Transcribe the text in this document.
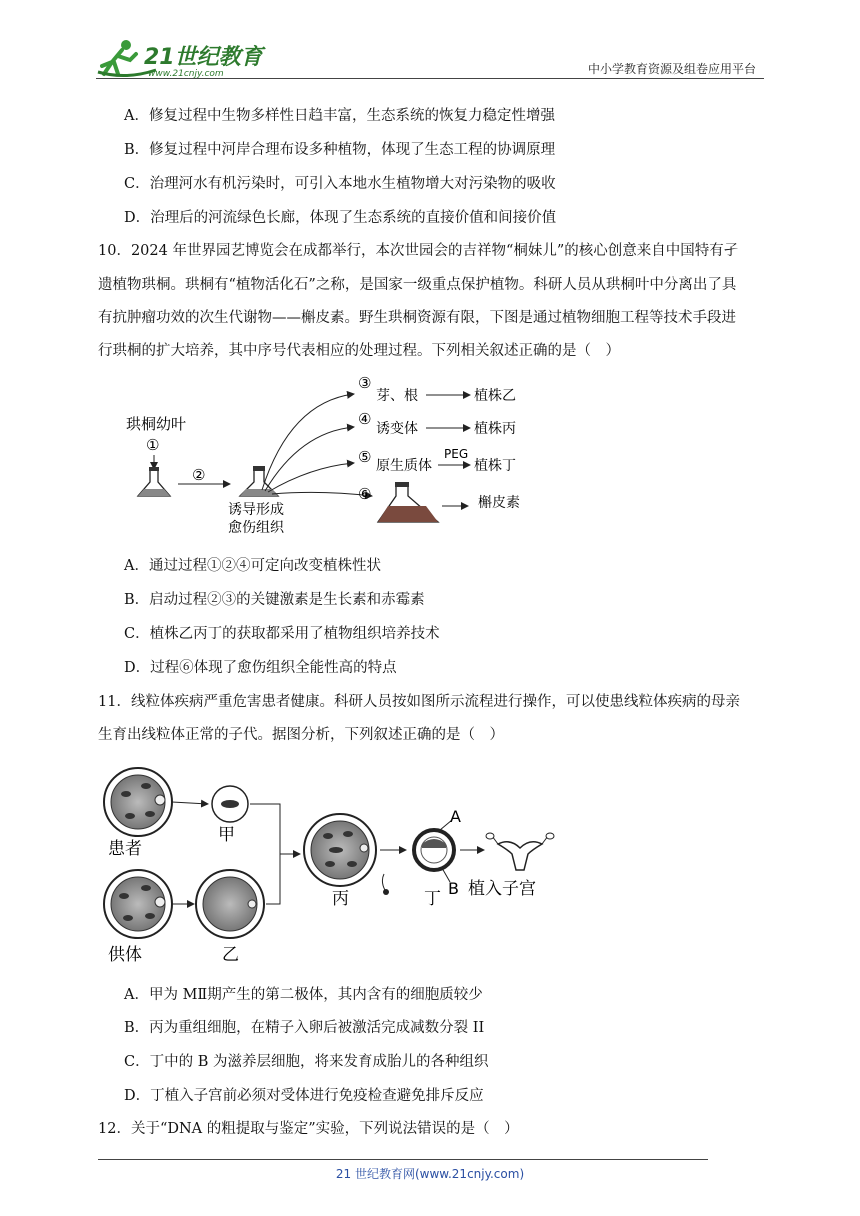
21世纪教育
www.21cnjy.com	中小学教育资源及组卷应用平台
A．修复过程中生物多样性日趋丰富，生态系统的恢复力稳定性增强
B．修复过程中河岸合理布设多种植物，体现了生态工程的协调原理
C．治理河水有机污染时，可引入本地水生植物增大对污染物的吸收
D．治理后的河流绿色长廊，体现了生态系统的直接价值和间接价值
10．2024 年世界园艺博览会在成都举行，本次世园会的吉祥物“桐妹儿”的核心创意来自中国特有孑
遗植物珙桐。珙桐有“植物活化石”之称，是国家一级重点保护植物。科研人员从珙桐叶中分离出了具
有抗肿瘤功效的次生代谢物——槲皮素。野生珙桐资源有限，下图是通过植物细胞工程等技术手段进
行珙桐的扩大培养，其中序号代表相应的处理过程。下列相关叙述正确的是（　）
珙桐幼叶
①
②
诱导形成
愈伤组织
③
芽、根	植株乙
④
诱变体	植株丙
⑤ 原生质体
PEG
植株丁
⑥	槲皮素
A．通过过程①②④可定向改变植株性状
B．启动过程②③的关键激素是生长素和赤霉素
C．植株乙丙丁的获取都采用了植物组织培养技术
D．过程⑥体现了愈伤组织全能性高的特点
11．线粒体疾病严重危害患者健康。科研人员按如图所示流程进行操作，可以使患线粒体疾病的母亲
生育出线粒体正常的子代。据图分析，下列叙述正确的是（　）
患者
甲
供体	乙
丙
A
B
丁 植入子宫
A．甲为 MⅡ期产生的第二极体，其内含有的细胞质较少
B．丙为重组细胞，在精子入卵后被激活完成减数分裂 II
C．丁中的 B 为滋养层细胞，将来发育成胎儿的各种组织
D．丁植入子宫前必须对受体进行免疫检查避免排斥反应
12．关于“DNA 的粗提取与鉴定”实验，下列说法错误的是（　）
21 世纪教育网(www.21cnjy.com)
